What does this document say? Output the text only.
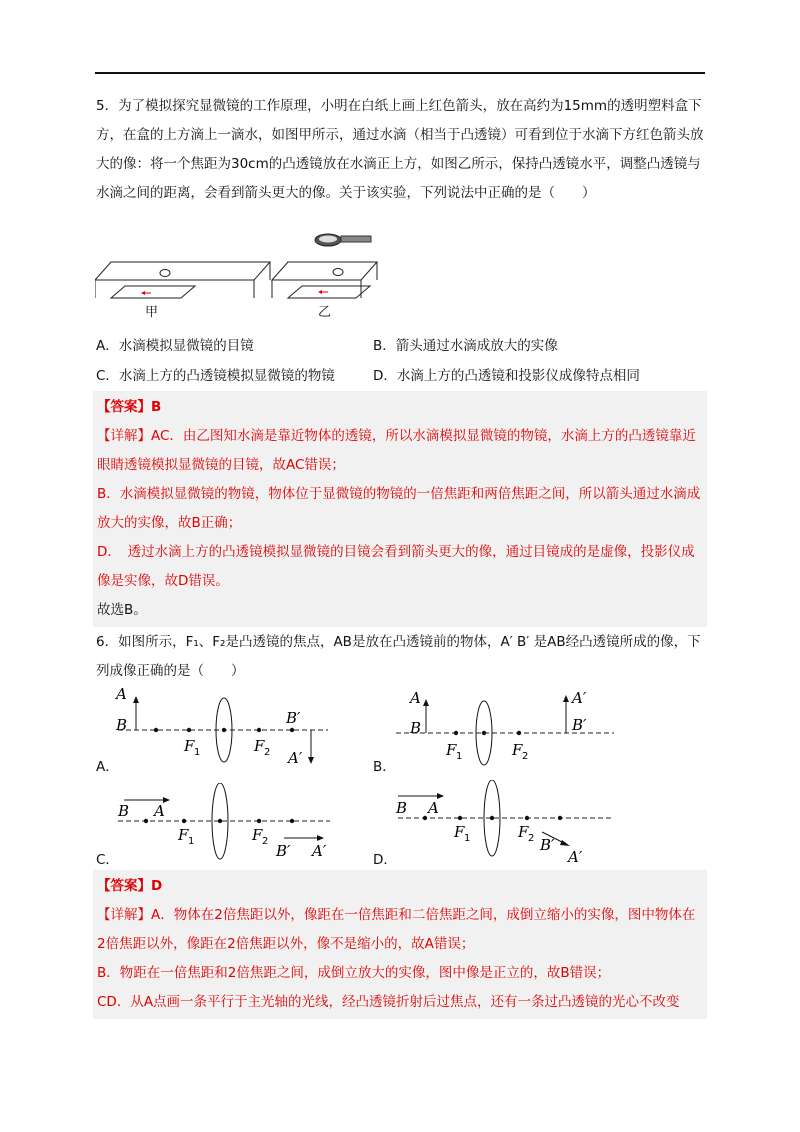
5．为了模拟探究显微镜的工作原理，小明在白纸上画上红色箭头，放在高约为15mm的透明塑料盒下方，在盒的上方滴上一滴水，如图甲所示，通过水滴（相当于凸透镜）可看到位于水滴下方红色箭头放大的像：将一个焦距为30cm的凸透镜放在水滴正上方，如图乙所示，保持凸透镜水平，调整凸透镜与水滴之间的距离，会看到箭头更大的像。关于该实验，下列说法中正确的是（　　）
甲	乙
A．水滴模拟显微镜的目镜	B．箭头通过水滴成放大的实像
C．水滴上方的凸透镜模拟显微镜的物镜	D．水滴上方的凸透镜和投影仪成像特点相同

【答案】B

【详解】AC．由乙图知水滴是靠近物体的透镜，所以水滴模拟显微镜的物镜，水滴上方的凸透镜靠近眼睛透镜模拟显微镜的目镜，故AC错误；

B．水滴模拟显微镜的物镜，物体位于显微镜的物镜的一倍焦距和两倍焦距之间，所以箭头通过水滴成放大的实像，故B正确；

D．　透过水滴上方的凸透镜模拟显微镜的目镜会看到箭头更大的像，通过目镜成的是虚像，投影仪成像是实像，故D错误。

故选B。

6．如图所示，F₁、F₂是凸透镜的焦点，AB是放在凸透镜前的物体，A′ B′ 是AB经凸透镜所成的像，下列成像正确的是（　　）
A
B
F 1	F 2
B′
A′
A．
A
B
F 1	F 2
A′
B′
B．
B A
F 1	F 2
B′ A′
C．
B A
F 1	F 2 B′
A′
D．

【答案】D

【详解】A．物体在2倍焦距以外，像距在一倍焦距和二倍焦距之间，成倒立缩小的实像，图中物体在2倍焦距以外，像距在2倍焦距以外，像不是缩小的，故A错误；

B．物距在一倍焦距和2倍焦距之间，成倒立放大的实像，图中像是正立的，故B错误；

CD．从A点画一条平行于主光轴的光线，经凸透镜折射后过焦点，还有一条过凸透镜的光心不改变
